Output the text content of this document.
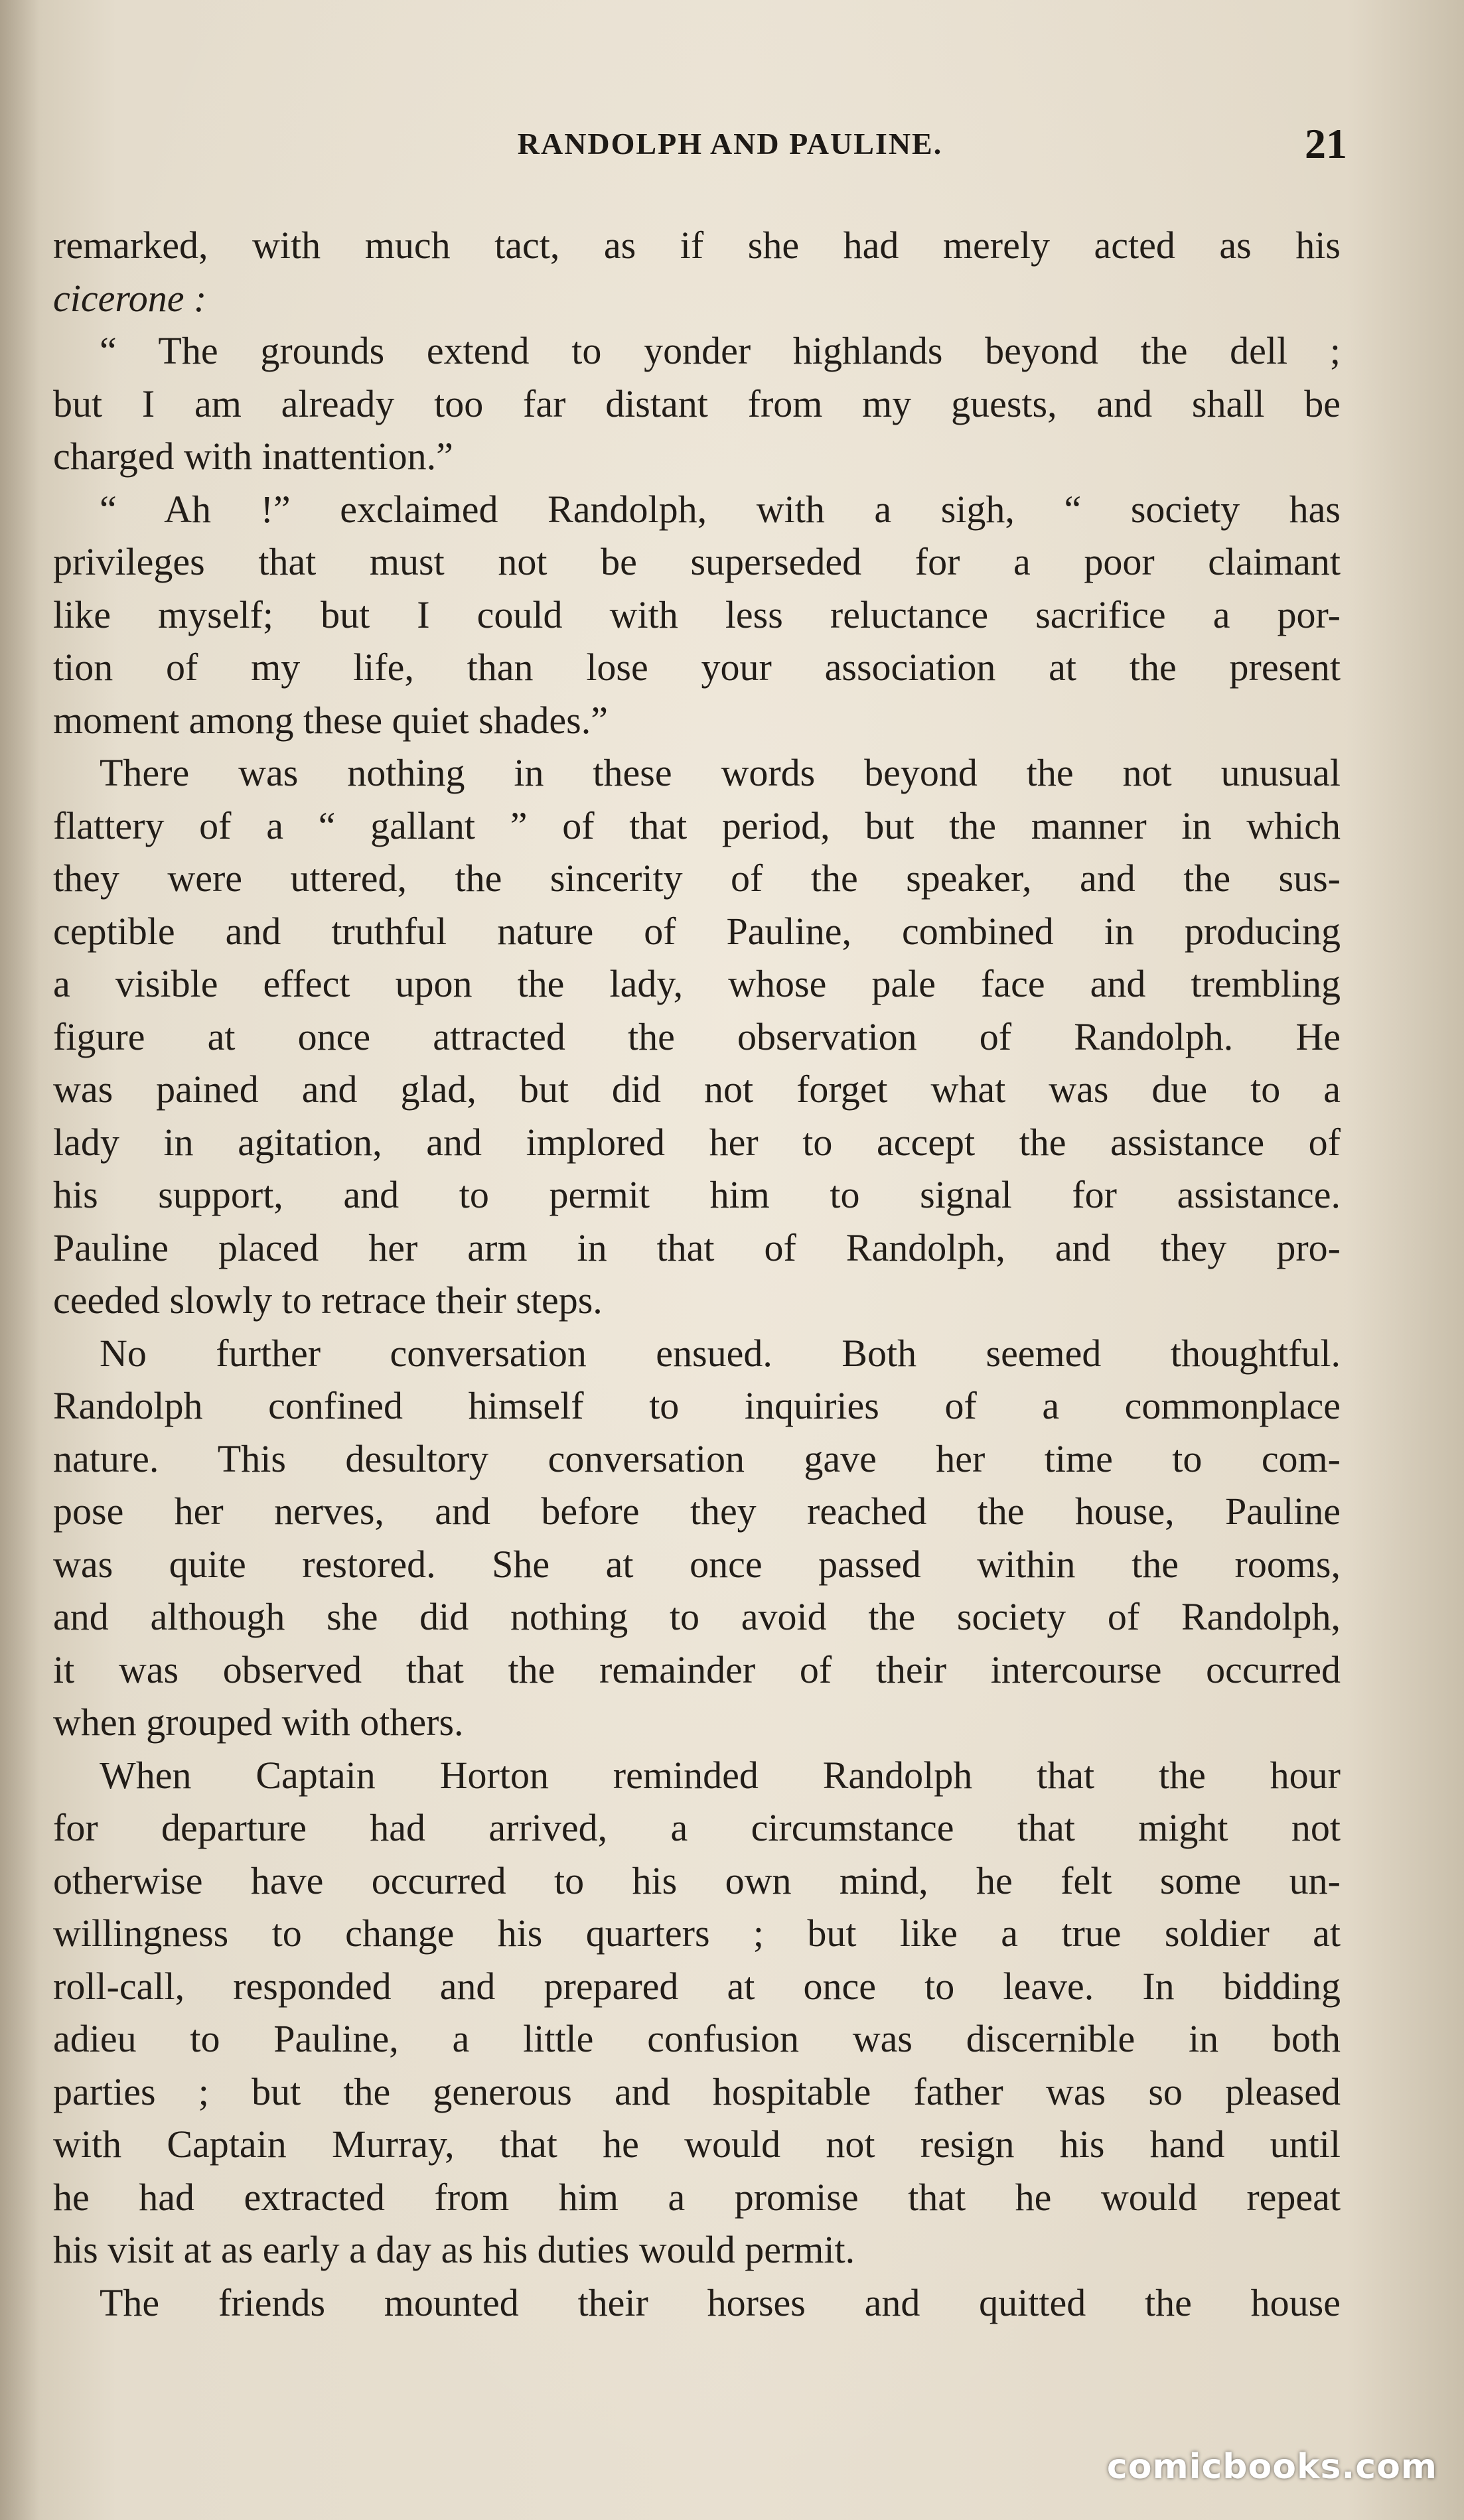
RANDOLPH AND PAULINE.	21
remarked, with much tact, as if she had merely acted as his
cicerone :
“ The grounds extend to yonder highlands beyond the dell ;
but I am already too far distant from my guests, and shall be
charged with inattention.”
“ Ah !” exclaimed Randolph, with a sigh, “ society has
privileges that must not be superseded for a poor claimant
like myself; but I could with less reluctance sacrifice a por-
tion of my life, than lose your association at the present
moment among these quiet shades.”
There was nothing in these words beyond the not unusual
flattery of a “ gallant ” of that period, but the manner in which
they were uttered, the sincerity of the speaker, and the sus-
ceptible and truthful nature of Pauline, combined in producing
a visible effect upon the lady, whose pale face and trembling
figure at once attracted the observation of Randolph. He
was pained and glad, but did not forget what was due to a
lady in agitation, and implored her to accept the assistance of
his support, and to permit him to signal for assistance.
Pauline placed her arm in that of Randolph, and they pro-
ceeded slowly to retrace their steps.
No further conversation ensued. Both seemed thoughtful.
Randolph confined himself to inquiries of a commonplace
nature. This desultory conversation gave her time to com-
pose her nerves, and before they reached the house, Pauline
was quite restored. She at once passed within the rooms,
and although she did nothing to avoid the society of Randolph,
it was observed that the remainder of their intercourse occurred
when grouped with others.
When Captain Horton reminded Randolph that the hour
for departure had arrived, a circumstance that might not
otherwise have occurred to his own mind, he felt some un-
willingness to change his quarters ; but like a true soldier at
roll-call, responded and prepared at once to leave. In bidding
adieu to Pauline, a little confusion was discernible in both
parties ; but the generous and hospitable father was so pleased
with Captain Murray, that he would not resign his hand until
he had extracted from him a promise that he would repeat
his visit at as early a day as his duties would permit.
The friends mounted their horses and quitted the house
comicbooks.com
